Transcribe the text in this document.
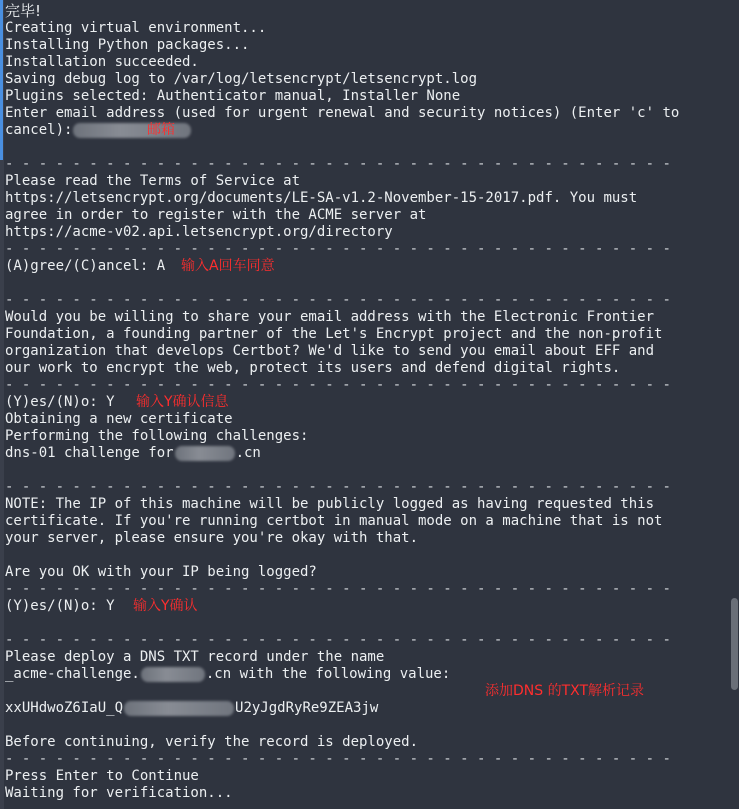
完毕!
Creating virtual environment...
Installing Python packages...
Installation succeeded.
Saving debug log to /var/log/letsencrypt/letsencrypt.log
Plugins selected: Authenticator manual, Installer None
Enter email address (used for urgent renewal and security notices) (Enter 'c' to
cancel):	邮箱
- - - - - - - - - - - - - - - - - - - - - - - - - - - - - - - - - - - - - - - -
Please read the Terms of Service at
https://letsencrypt.org/documents/LE-SA-v1.2-November-15-2017.pdf. You must
agree in order to register with the ACME server at
https://acme-v02.api.letsencrypt.org/directory
- - - - - - - - - - - - - - - - - - - - - - - - - - - - - - - - - - - - - - - -
(A)gree/(C)ancel: A 输入A回车同意
- - - - - - - - - - - - - - - - - - - - - - - - - - - - - - - - - - - - - - - -
Would you be willing to share your email address with the Electronic Frontier
Foundation, a founding partner of the Let's Encrypt project and the non-profit
organization that develops Certbot? We'd like to send you email about EFF and
our work to encrypt the web, protect its users and defend digital rights.
- - - - - - - - - - - - - - - - - - - - - - - - - - - - - - - - - - - - - - - -
(Y)es/(N)o: Y 输入Y确认信息
Obtaining a new certificate
Performing the following challenges:
dns-01 challenge for	.cn
- - - - - - - - - - - - - - - - - - - - - - - - - - - - - - - - - - - - - - - -
NOTE: The IP of this machine will be publicly logged as having requested this
certificate. If you're running certbot in manual mode on a machine that is not
your server, please ensure you're okay with that.
Are you OK with your IP being logged?
- - - - - - - - - - - - - - - - - - - - - - - - - - - - - - - - - - - - - - - -
(Y)es/(N)o: Y 输入Y确认
- - - - - - - - - - - - - - - - - - - - - - - - - - - - - - - - - - - - - - - -
Please deploy a DNS TXT record under the name
_acme-challenge.	.cn with the following value:
添加DNS 的TXT解析记录
xxUHdwoZ6IaU_Q	U2yJgdRyRe9ZEA3jw
Before continuing, verify the record is deployed.
- - - - - - - - - - - - - - - - - - - - - - - - - - - - - - - - - - - - - - - -
Press Enter to Continue
Waiting for verification...
